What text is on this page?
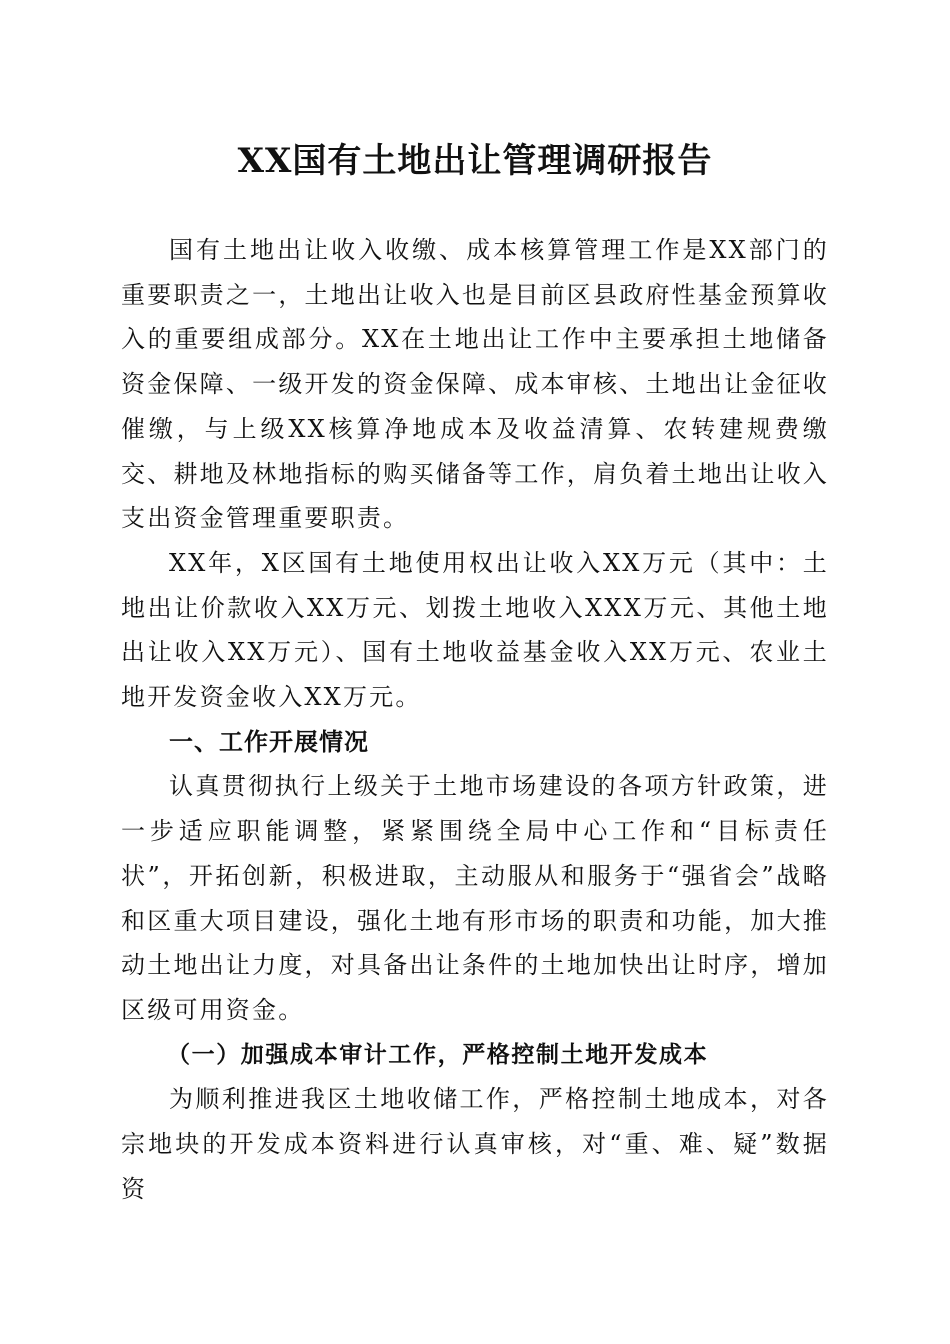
XX国有土地出让管理调研报告

国有土地出让收入收缴、成本核算管理工作是XX部门的重要职责之一，土地出让收入也是目前区县政府性基金预算收入的重要组成部分。XX在土地出让工作中主要承担土地储备资金保障、一级开发的资金保障、成本审核、土地出让金征收催缴，与上级XX核算净地成本及收益清算、农转建规费缴交、耕地及林地指标的购买储备等工作，肩负着土地出让收入支出资金管理重要职责。

XX年，X区国有土地使用权出让收入XX万元（其中：土地出让价款收入XX万元、划拨土地收入XXX万元、其他土地出让收入XX万元）、国有土地收益基金收入XX万元、农业土地开发资金收入XX万元。

一、工作开展情况

认真贯彻执行上级关于土地市场建设的各项方针政策，进一步适应职能调整，紧紧围绕全局中心工作和“目标责任状”，开拓创新，积极进取，主动服从和服务于“强省会”战略和区重大项目建设，强化土地有形市场的职责和功能，加大推动土地出让力度，对具备出让条件的土地加快出让时序，增加区级可用资金。

（一）加强成本审计工作，严格控制土地开发成本

为顺利推进我区土地收储工作，严格控制土地成本，对各宗地块的开发成本资料进行认真审核，对“重、难、疑”数据资
